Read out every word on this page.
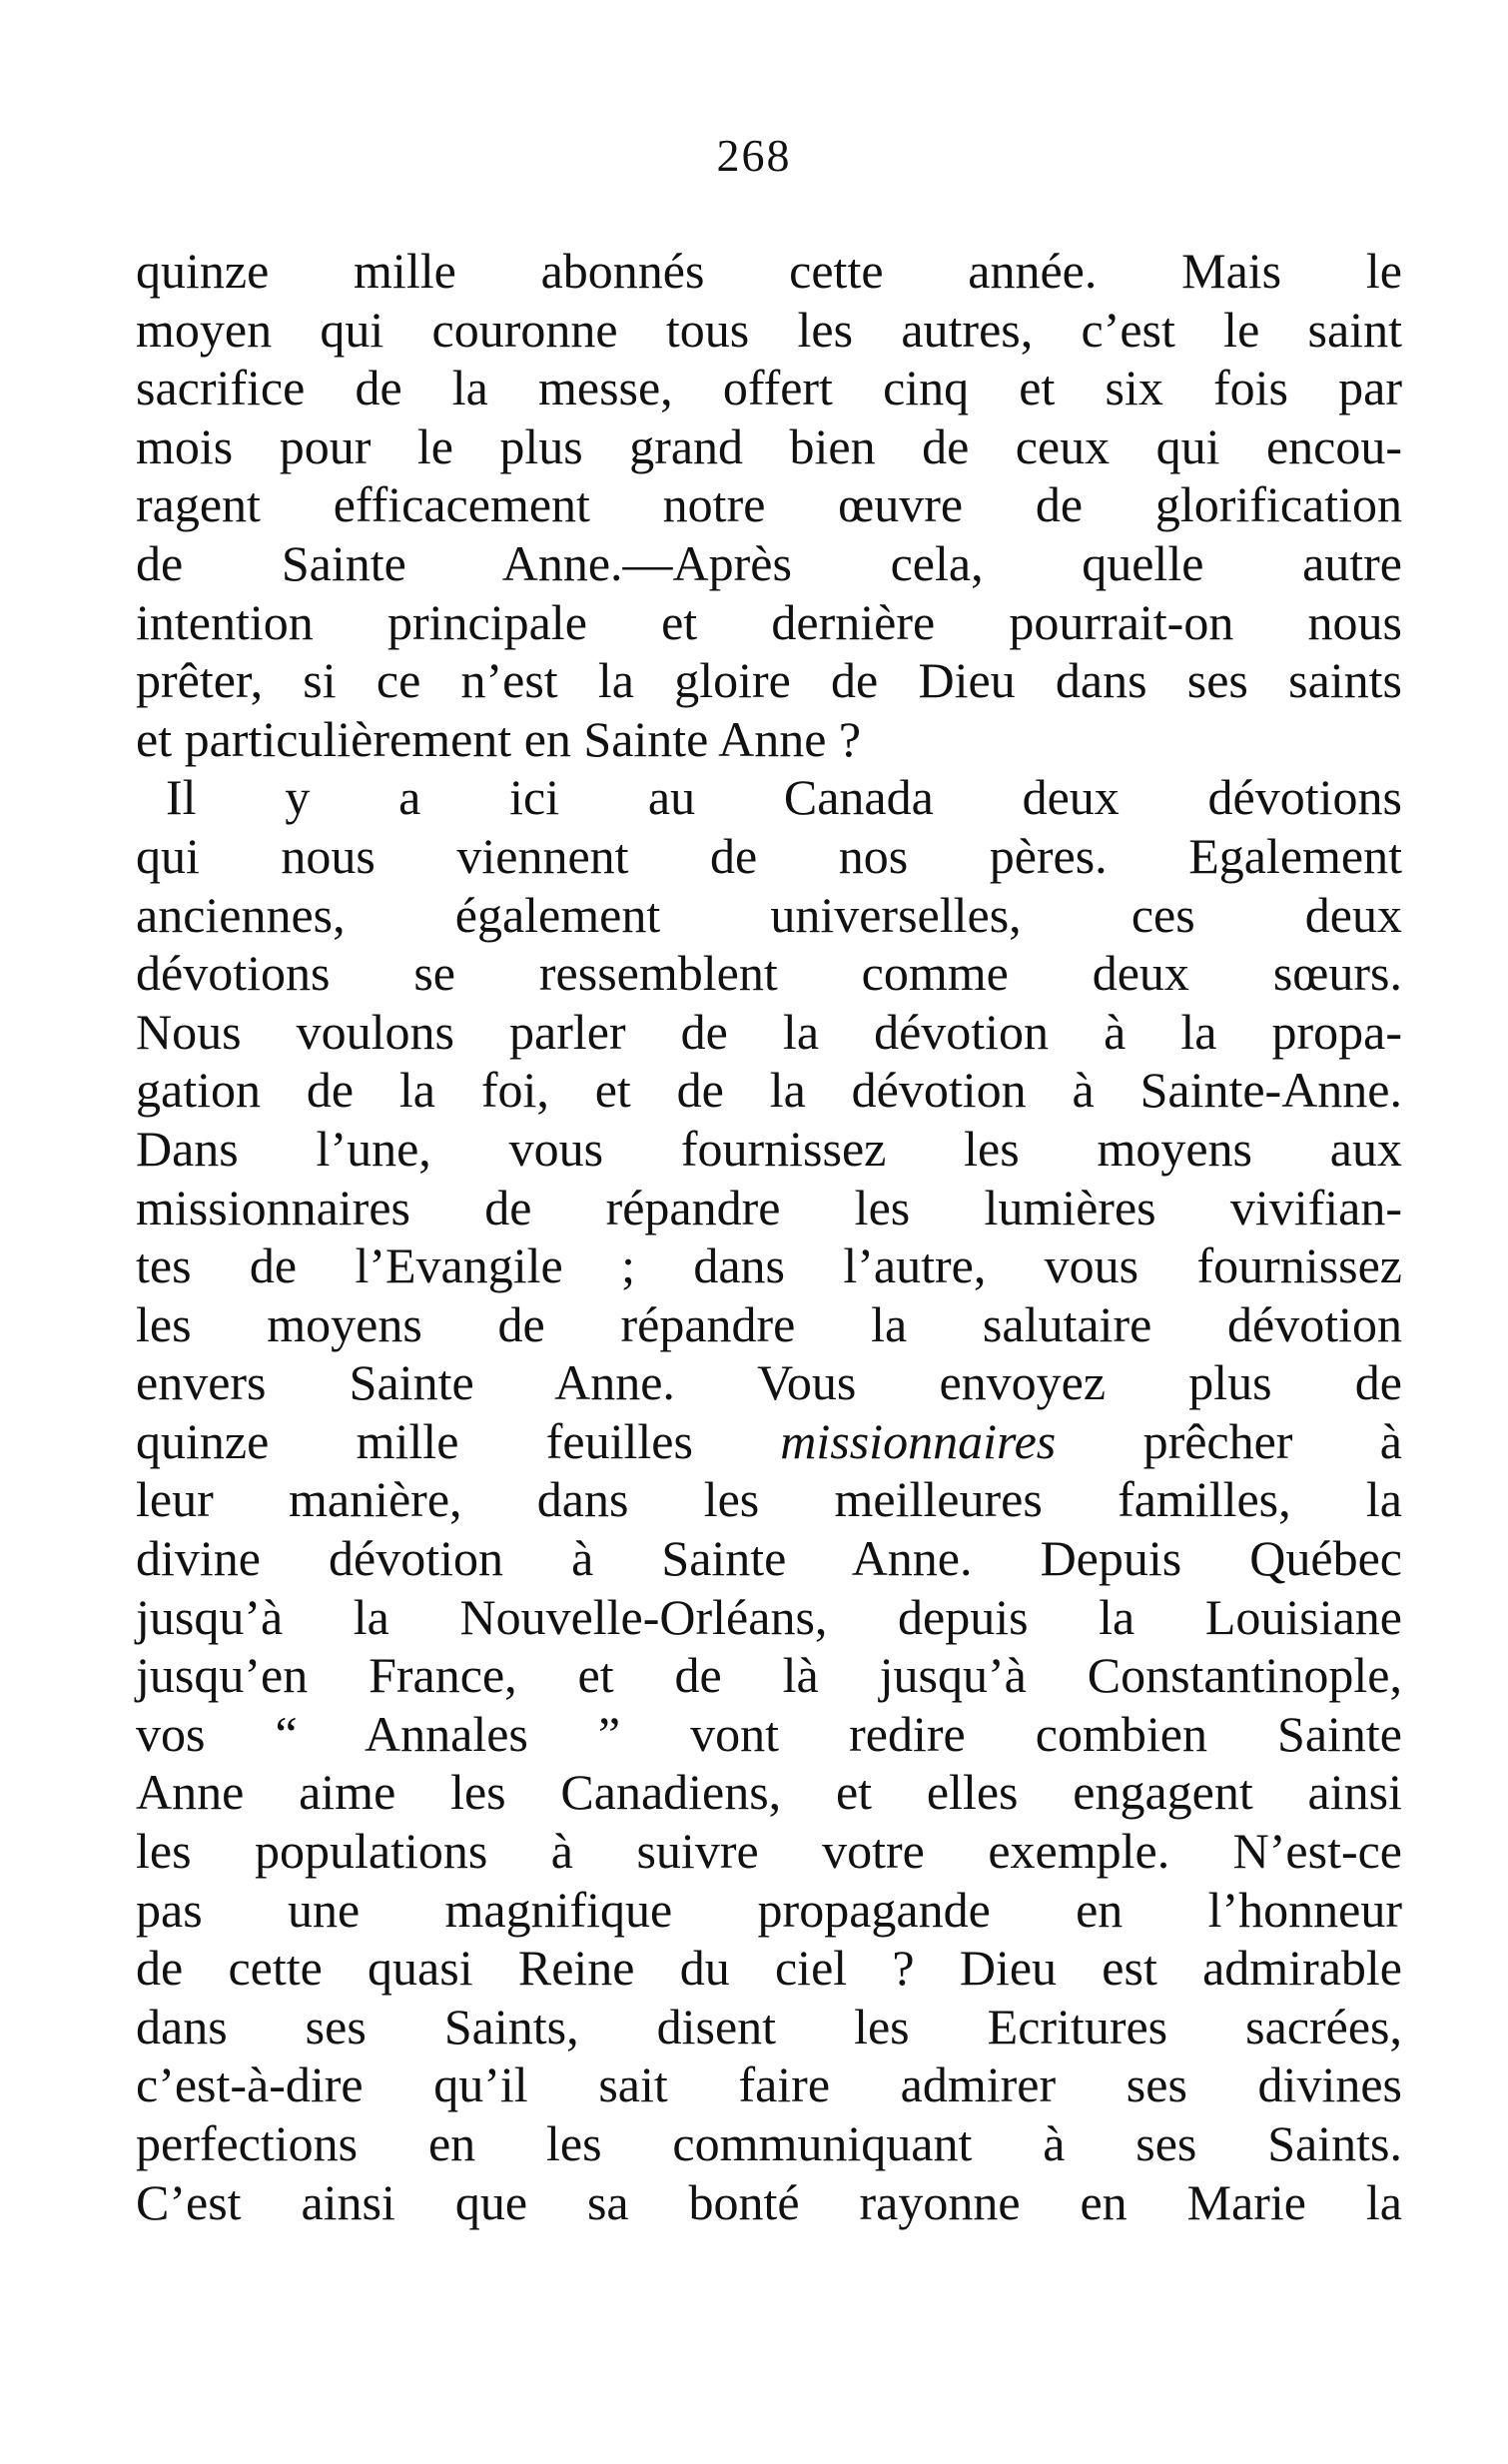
268
quinze mille abonnés cette année. Mais le
moyen qui couronne tous les autres, c’est le saint
sacrifice de la messe, offert cinq et six fois par
mois pour le plus grand bien de ceux qui encou-
ragent efficacement notre œuvre de glorification
de Sainte Anne.—Après cela, quelle autre
intention principale et dernière pourrait-on nous
prêter, si ce n’est la gloire de Dieu dans ses saints
et particulièrement en Sainte Anne ?
Il y a ici au Canada deux dévotions
qui nous viennent de nos pères. Egalement
anciennes, également universelles, ces deux
dévotions se ressemblent comme deux sœurs.
Nous voulons parler de la dévotion à la propa-
gation de la foi, et de la dévotion à Sainte-Anne.
Dans l’une, vous fournissez les moyens aux
missionnaires de répandre les lumières vivifian-
tes de l’Evangile ; dans l’autre, vous fournissez
les moyens de répandre la salutaire dévotion
envers Sainte Anne. Vous envoyez plus de
quinze mille feuilles missionnaires prêcher à
leur manière, dans les meilleures familles, la
divine dévotion à Sainte Anne. Depuis Québec
jusqu’à la Nouvelle-Orléans, depuis la Louisiane
jusqu’en France, et de là jusqu’à Constantinople,
vos “ Annales ” vont redire combien Sainte
Anne aime les Canadiens, et elles engagent ainsi
les populations à suivre votre exemple. N’est-ce
pas une magnifique propagande en l’honneur
de cette quasi Reine du ciel ? Dieu est admirable
dans ses Saints, disent les Ecritures sacrées,
c’est-à-dire qu’il sait faire admirer ses divines
perfections en les communiquant à ses Saints.
C’est ainsi que sa bonté rayonne en Marie la
